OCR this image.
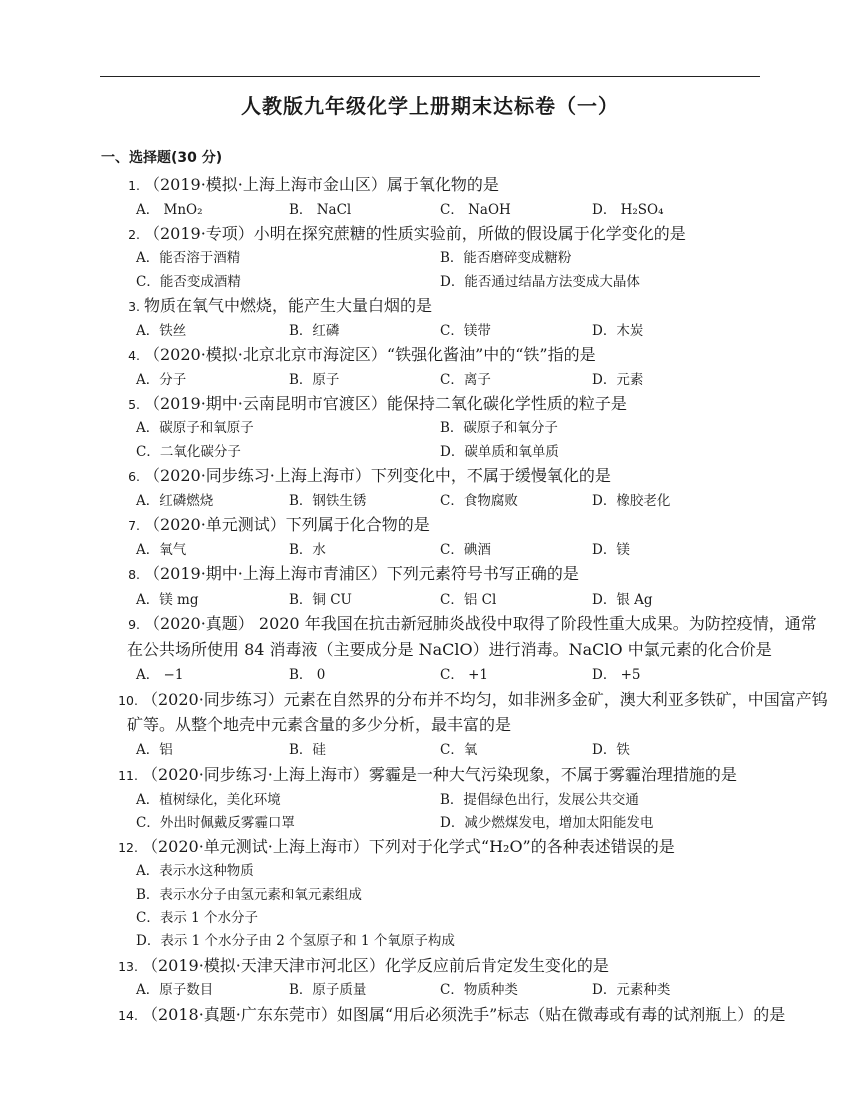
人教版九年级化学上册期末达标卷（一）
一、选择题(30 分)
1. （2019·模拟·上海上海市金山区）属于氧化物的是
A． MnO₂	B． NaCl	C． NaOH	D． H₂SO₄
2. （2019·专项）小明在探究蔗糖的性质实验前，所做的假设属于化学变化的是
A．能否溶于酒精	B．能否磨碎变成糖粉
C．能否变成酒精	D．能否通过结晶方法变成大晶体
3. 物质在氧气中燃烧，能产生大量白烟的是
A．铁丝	B．红磷	C．镁带	D．木炭
4. （2020·模拟·北京北京市海淀区）“铁强化酱油”中的“铁”指的是
A．分子	B．原子	C．离子	D．元素
5. （2019·期中·云南昆明市官渡区）能保持二氧化碳化学性质的粒子是
A．碳原子和氧原子	B．碳原子和氧分子
C．二氧化碳分子	D．碳单质和氧单质
6. （2020·同步练习·上海上海市）下列变化中，不属于缓慢氧化的是
A．红磷燃烧	B．钢铁生锈	C．食物腐败	D．橡胶老化
7. （2020·单元测试）下列属于化合物的是
A．氧气	B．水	C．碘酒	D．镁
8. （2019·期中·上海上海市青浦区）下列元素符号书写正确的是
A．镁 mg	B．铜 CU	C．铝 Cl	D．银 Ag
9. （2020·真题） 2020 年我国在抗击新冠肺炎战役中取得了阶段性重大成果。为防控疫情，通常
在公共场所使用 84 消毒液（主要成分是 NaClO）进行消毒。NaClO 中氯元素的化合价是
A． −1	B． 0	C． +1	D． +5
10. （2020·同步练习）元素在自然界的分布并不均匀，如非洲多金矿，澳大利亚多铁矿，中国富产钨
矿等。从整个地壳中元素含量的多少分析，最丰富的是
A．铝	B．硅	C．氧	D．铁
11. （2020·同步练习·上海上海市）雾霾是一种大气污染现象，不属于雾霾治理措施的是
A．植树绿化，美化环境	B．提倡绿色出行，发展公共交通
C．外出时佩戴反雾霾口罩	D．减少燃煤发电，增加太阳能发电
12. （2020·单元测试·上海上海市）下列对于化学式“H₂O”的各种表述错误的是
A．表示水这种物质
B．表示水分子由氢元素和氧元素组成
C．表示 1 个水分子
D．表示 1 个水分子由 2 个氢原子和 1 个氧原子构成
13. （2019·模拟·天津天津市河北区）化学反应前后肯定发生变化的是
A．原子数目	B．原子质量	C．物质种类	D．元素种类
14. （2018·真题·广东东莞市）如图属“用后必须洗手”标志（贴在微毒或有毒的试剂瓶上）的是
